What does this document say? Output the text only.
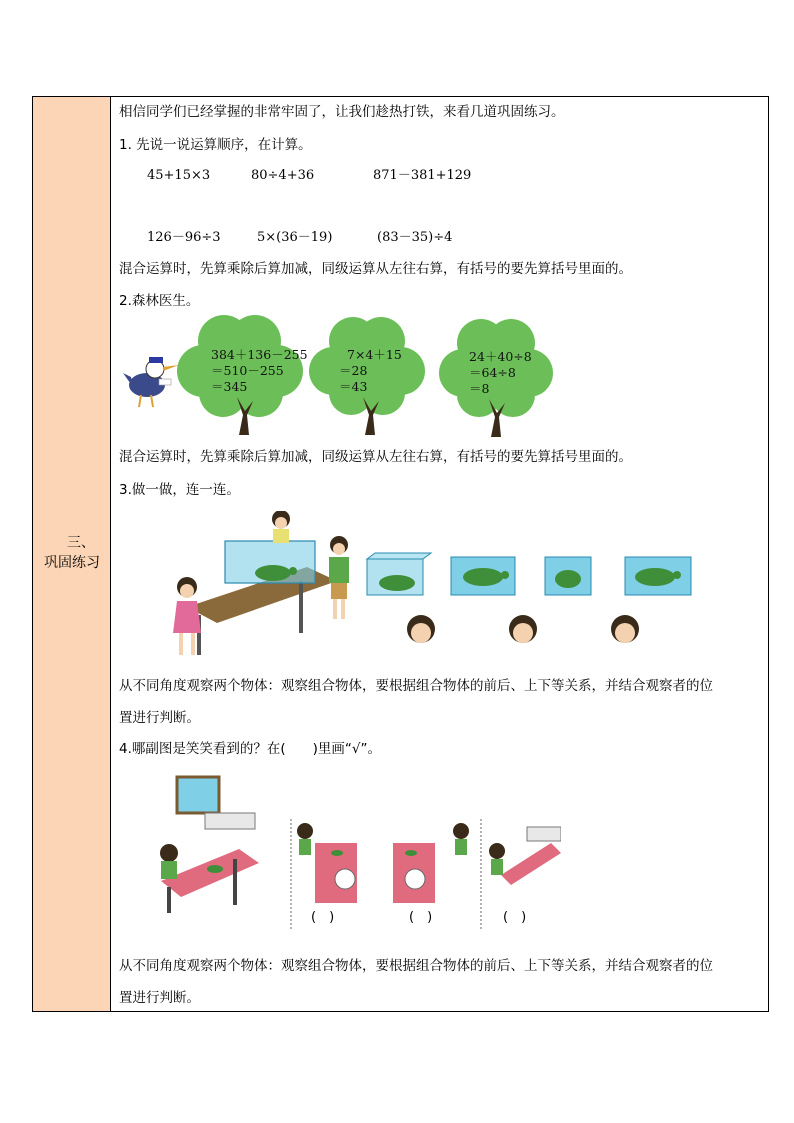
三、
巩固练习
相信同学们已经掌握的非常牢固了，让我们趁热打铁，来看几道巩固练习。
1. 先说一说运算顺序，在计算。
45+15×3	80÷4+36	871－381+129
126－96÷3	5×(36－19)	(83－35)÷4
混合运算时，先算乘除后算加减，同级运算从左往右算，有括号的要先算括号里面的。
2.森林医生。
384＋136－255
＝510－255
＝345
7×4＋15
＝28
＝43
24＋40÷8
＝64÷8
＝8
混合运算时，先算乘除后算加减，同级运算从左往右算，有括号的要先算括号里面的。
3.做一做，连一连。
从不同角度观察两个物体：观察组合物体，要根据组合物体的前后、上下等关系，并结合观察者的位
置进行判断。
4.哪副图是笑笑看到的？在(　　)里画“√”。
(　)	(　)	(　)
从不同角度观察两个物体：观察组合物体，要根据组合物体的前后、上下等关系，并结合观察者的位
置进行判断。
